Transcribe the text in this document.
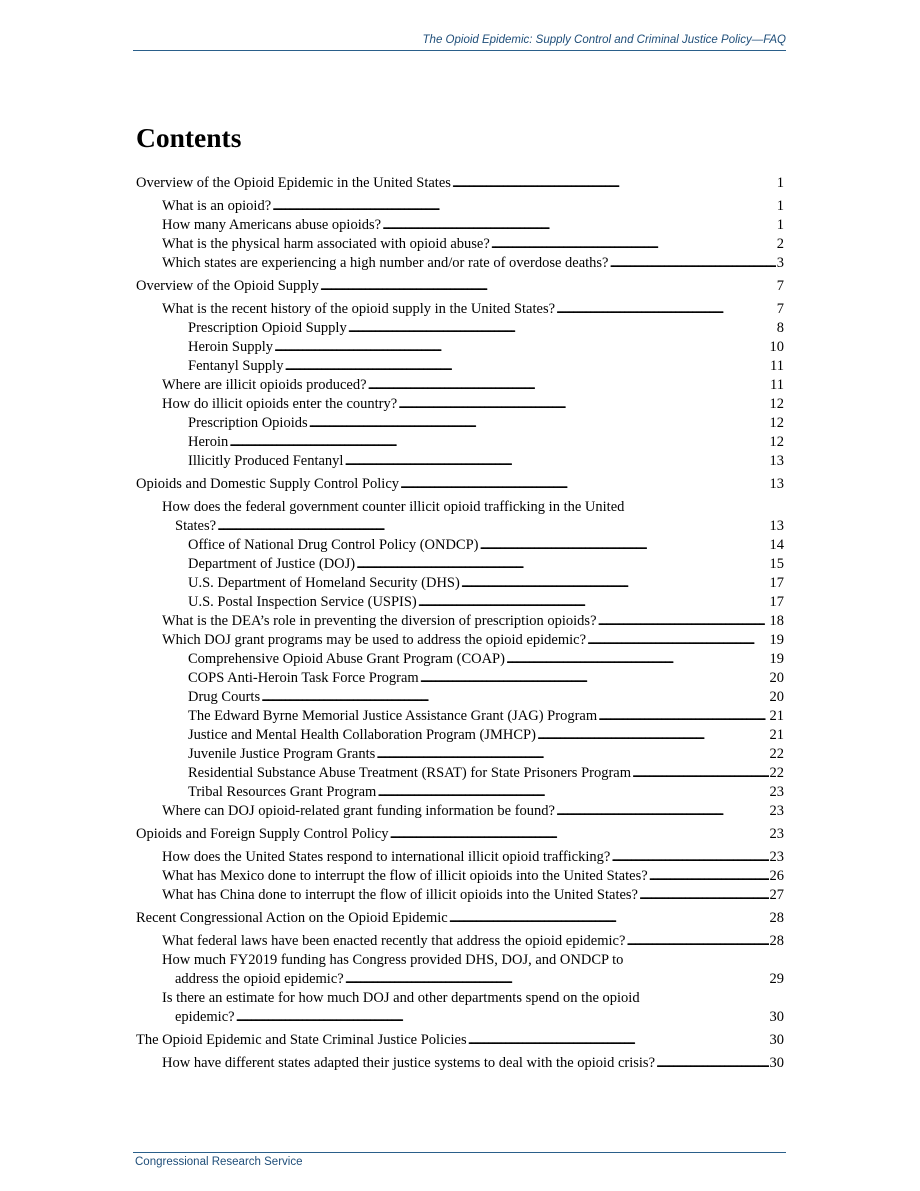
The Opioid Epidemic: Supply Control and Criminal Justice Policy—FAQ
Contents
Overview of the Opioid Epidemic in the United States . . .	1
What is an opioid? . . .	1
How many Americans abuse opioids? . . .	1
What is the physical harm associated with opioid abuse? . . .	2
Which states are experiencing a high number and/or rate of overdose deaths? . . .	3
Overview of the Opioid Supply . . .	7
What is the recent history of the opioid supply in the United States? . . .	7
Prescription Opioid Supply . . .	8
Heroin Supply . . .	10
Fentanyl Supply . . .	11
Where are illicit opioids produced? . . .	11
How do illicit opioids enter the country? . . .	12
Prescription Opioids . . .	12
Heroin . . .	12
Illicitly Produced Fentanyl . . .	13
Opioids and Domestic Supply Control Policy . . .	13
How does the federal government counter illicit opioid trafficking in the United
States? . . .	13
Office of National Drug Control Policy (ONDCP) . . .	14
Department of Justice (DOJ) . . .	15
U.S. Department of Homeland Security (DHS) . . .	17
U.S. Postal Inspection Service (USPIS) . . .	17
What is the DEA’s role in preventing the diversion of prescription opioids? . . .	18
Which DOJ grant programs may be used to address the opioid epidemic? . . .	19
Comprehensive Opioid Abuse Grant Program (COAP) . . .	19
COPS Anti-Heroin Task Force Program . . .	20
Drug Courts . . .	20
The Edward Byrne Memorial Justice Assistance Grant (JAG) Program . . .	21
Justice and Mental Health Collaboration Program (JMHCP) . . .	21
Juvenile Justice Program Grants . . .	22
Residential Substance Abuse Treatment (RSAT) for State Prisoners Program . . .	22
Tribal Resources Grant Program . . .	23
Where can DOJ opioid-related grant funding information be found? . . .	23
Opioids and Foreign Supply Control Policy . . .	23
How does the United States respond to international illicit opioid trafficking? . . .	23
What has Mexico done to interrupt the flow of illicit opioids into the United States? . . .	26
What has China done to interrupt the flow of illicit opioids into the United States? . . .	27
Recent Congressional Action on the Opioid Epidemic . . .	28
What federal laws have been enacted recently that address the opioid epidemic? . . .	28
How much FY2019 funding has Congress provided DHS, DOJ, and ONDCP to
address the opioid epidemic? . . .	29
Is there an estimate for how much DOJ and other departments spend on the opioid
epidemic? . . .	30
The Opioid Epidemic and State Criminal Justice Policies . . .	30
How have different states adapted their justice systems to deal with the opioid crisis? . . .	30
Congressional Research Service
